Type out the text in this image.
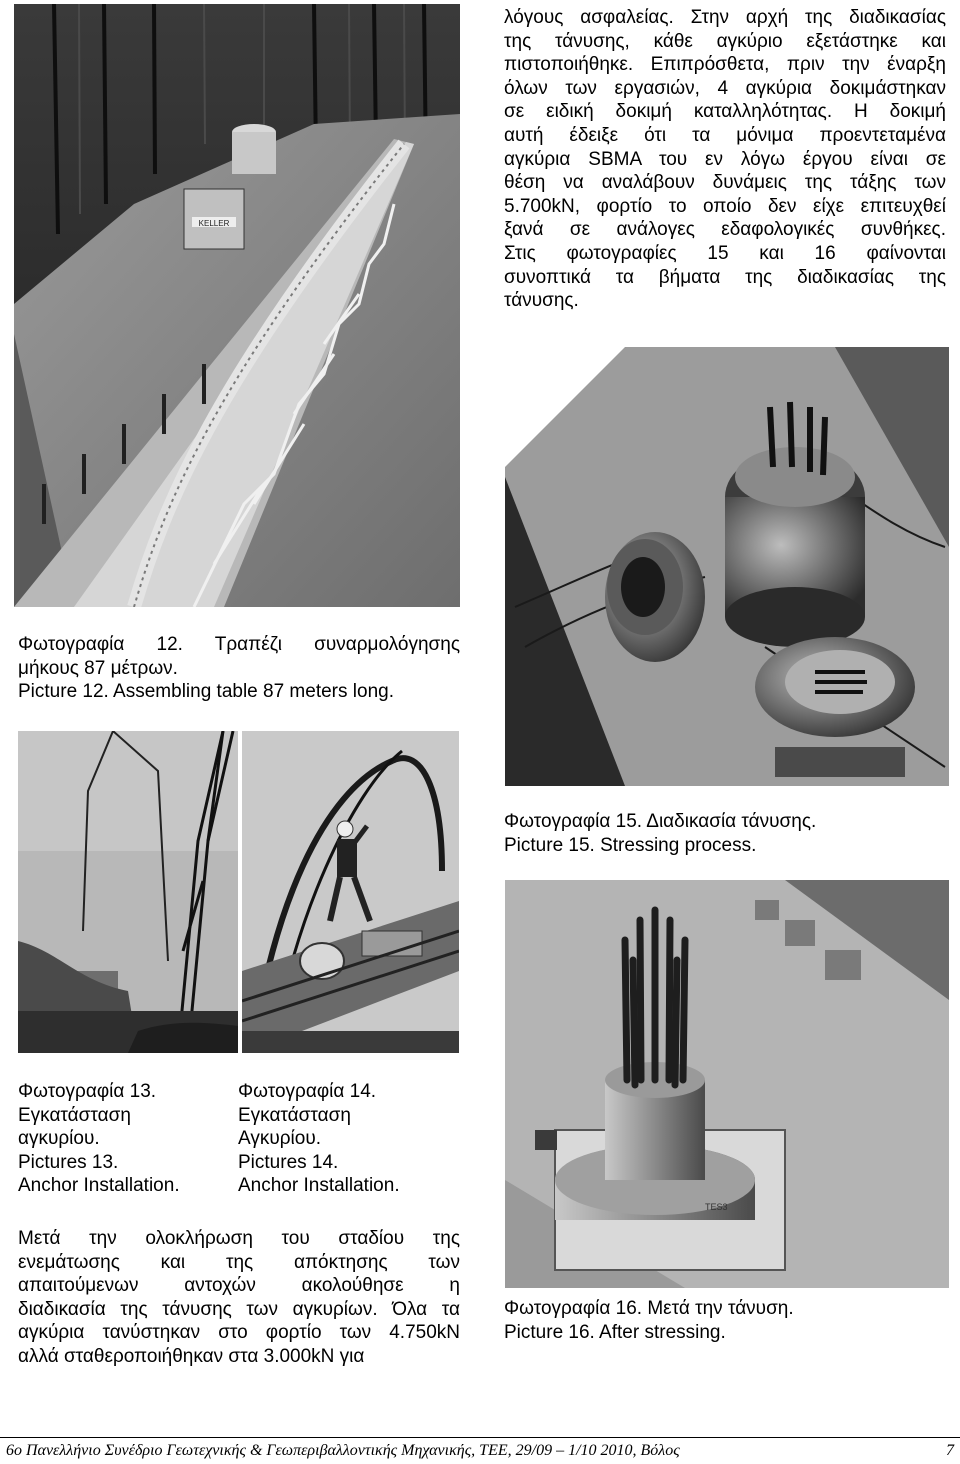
KELLER
λόγους ασφαλείας. Στην αρχή της διαδικασίας
της τάνυσης, κάθε αγκύριο εξετάστηκε και
πιστοποιήθηκε. Επιπρόσθετα, πριν την έναρξη
όλων των εργασιών, 4 αγκύρια δοκιμάστηκαν
σε ειδική δοκιμή καταλληλότητας. Η δοκιμή
αυτή έδειξε ότι τα μόνιμα προεντεταμένα
αγκύρια SBMA του εν λόγω έργου είναι σε
θέση να αναλάβουν δυνάμεις της τάξης των
5.700kN, φορτίο το οποίο δεν είχε επιτευχθεί
ξανά σε ανάλογες εδαφολογικές συνθήκες.
Στις φωτογραφίες 15 και 16 φαίνονται
συνοπτικά τα βήματα της διαδικασίας της
τάνυσης.
Φωτογραφία 12. Τραπέζι συναρμολόγησης
μήκους 87 μέτρων.
Picture 12. Assembling table 87 meters long.
Φωτογραφία 15. Διαδικασία τάνυσης.
Picture 15. Stressing process.
TES3
Φωτογραφία 13.
Εγκατάσταση
αγκυρίου.
Pictures 13.
Anchor Installation.
Φωτογραφία 14.
Εγκατάσταση
Αγκυρίου.
Pictures 14.
Anchor Installation.
Μετά την ολοκλήρωση του σταδίου της
ενεμάτωσης και της απόκτησης των
απαιτούμενων αντοχών ακολούθησε η
διαδικασία της τάνυσης των αγκυρίων. Όλα τα
αγκύρια τανύστηκαν στο φορτίο των 4.750kN
αλλά σταθεροποιήθηκαν στα 3.000kN για
Φωτογραφία 16. Μετά την τάνυση.
Picture 16. After stressing.
6ο Πανελλήνιο Συνέδριο Γεωτεχνικής & Γεωπεριβαλλοντικής Μηχανικής, ΤΕΕ, 29/09 – 1/10 2010, Βόλος	7
